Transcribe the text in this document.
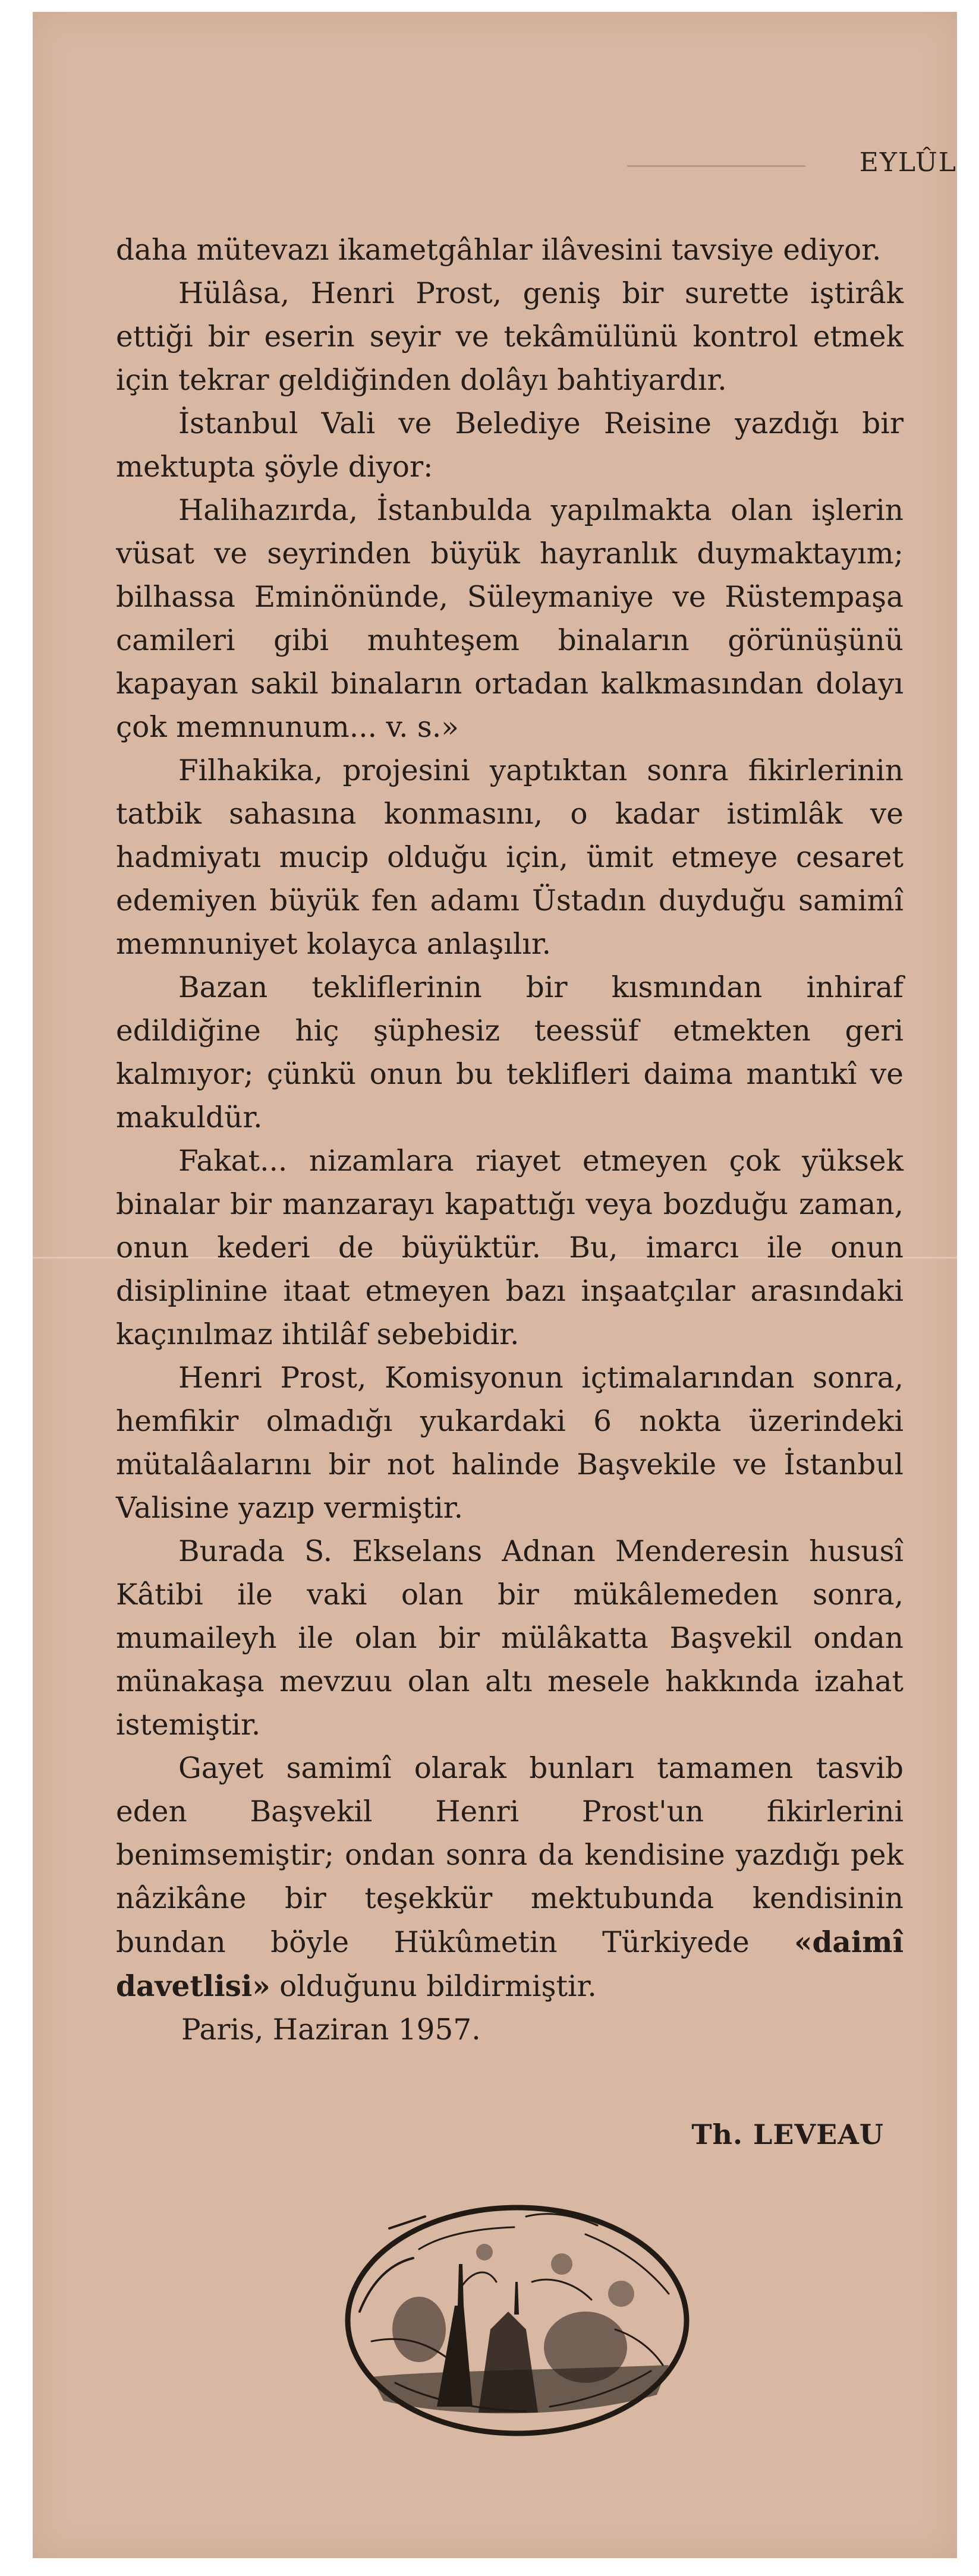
EYLÛL

daha mütevazı ikametgâhlar ilâvesini tavsiye ediyor.

Hülâsa, Henri Prost, geniş bir surette iştirâk ettiği bir eserin seyir ve tekâmülünü kontrol etmek için tekrar geldiğinden dolâyı bahtiyardır.

İstanbul Vali ve Belediye Reisine yazdığı bir mektupta şöyle diyor:

Halihazırda, İstanbulda yapılmakta olan işlerin vüsat ve seyrinden büyük hayranlık duymaktayım; bilhassa Eminönünde, Süleymaniye ve Rüstempaşa camileri gibi muhteşem binaların görünüşünü kapayan sakil binaların ortadan kalkmasından dolayı çok memnunum... v. s.»

Filhakika, projesini yaptıktan sonra fikirlerinin tatbik sahasına konmasını, o kadar istimlâk ve hadmiyatı mucip olduğu için, ümit etmeye cesaret edemiyen büyük fen adamı Üstadın duyduğu samimî memnuniyet kolayca anlaşılır.

Bazan tekliflerinin bir kısmından inhiraf edildiğine hiç şüphesiz teessüf etmekten geri kalmıyor; çünkü onun bu teklifleri daima mantıkî ve makuldür.

Fakat... nizamlara riayet etmeyen çok yüksek binalar bir manzarayı kapattığı veya bozduğu zaman, onun kederi de büyüktür. Bu, imarcı ile onun disiplinine itaat etmeyen bazı inşaatçılar arasındaki kaçınılmaz ihtilâf sebebidir.

Henri Prost, Komisyonun içtimalarından sonra, hemfikir olmadığı yukardaki 6 nokta üzerindeki mütalâalarını bir not halinde Başvekile ve İstanbul Valisine yazıp vermiştir.

Burada S. Ekselans Adnan Menderesin hususî Kâtibi ile vaki olan bir mükâlemeden sonra, mumaileyh ile olan bir mülâkatta Başvekil ondan münakaşa mevzuu olan altı mesele hakkında izahat istemiştir.

Gayet samimî olarak bunları tamamen tasvib eden Başvekil Henri Prost'un fikirlerini benimsemiştir; ondan sonra da kendisine yazdığı pek nâzikâne bir teşekkür mektubunda kendisinin bundan böyle Hükûmetin Türkiyede «daimî davetlisi» olduğunu bildirmiştir.

Paris, Haziran 1957.

Th. LEVEAU
